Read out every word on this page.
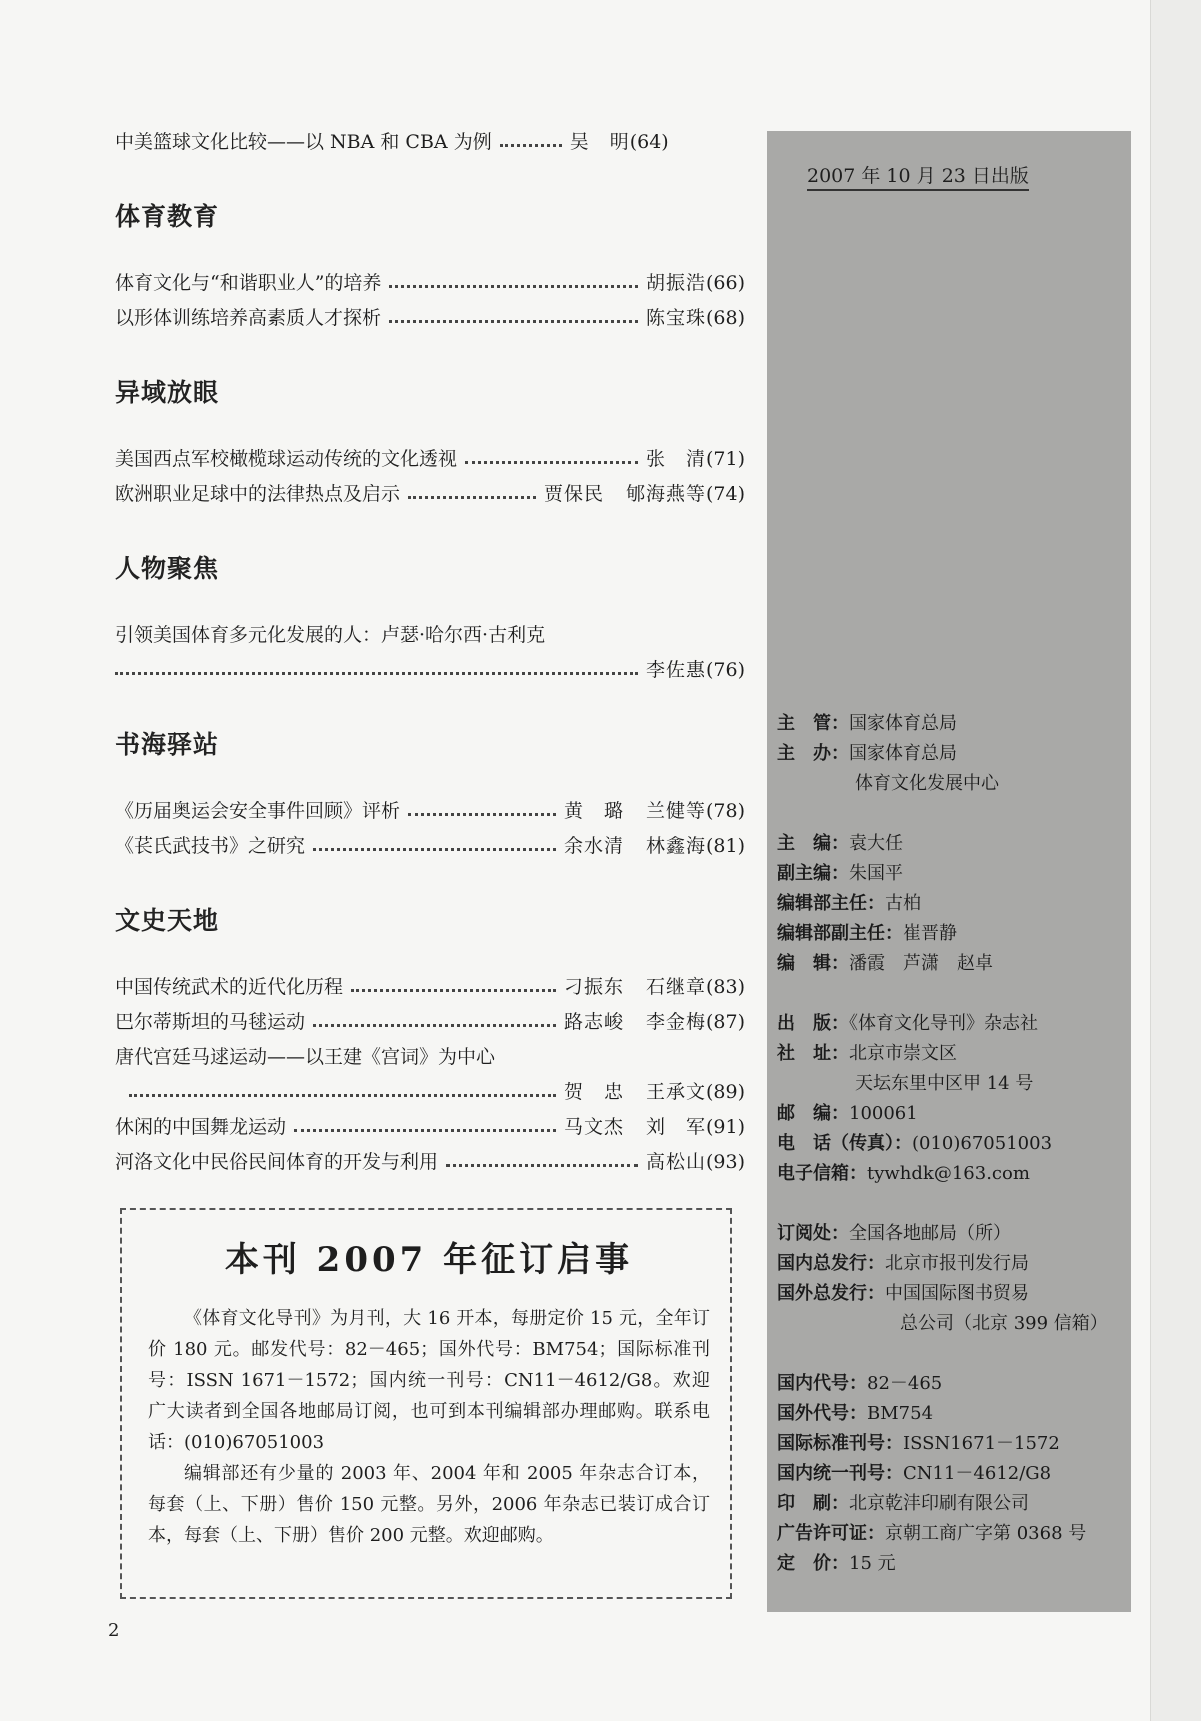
中美篮球文化比较——以 NBA 和 CBA 为例	吴　明 (64)
体育教育
体育文化与“和谐职业人”的培养	胡振浩 (66)
以形体训练培养高素质人才探析	陈宝珠 (68)
异域放眼
美国西点军校橄榄球运动传统的文化透视	张　清 (71)
欧洲职业足球中的法律热点及启示	贾保民 郇海燕等 (74)
人物聚焦
引领美国体育多元化发展的人：卢瑟·哈尔西·古利克
李佐惠 (76)
书海驿站
《历届奥运会安全事件回顾》评析	黄　璐 兰健等 (78)
《苌氏武技书》之研究	余水清 林鑫海 (81)
文史天地
中国传统武术的近代化历程	刁振东 石继章 (83)
巴尔蒂斯坦的马毬运动	路志峻 李金梅 (87)
唐代宫廷马逑运动——以王建《宫词》为中心
贺　忠 王承文 (89)
休闲的中国舞龙运动	马文杰 刘　军 (91)
河洛文化中民俗民间体育的开发与利用	高松山 (93)
本刊 2007 年征订启事

《体育文化导刊》为月刊，大 16 开本，每册定价 15 元，全年订价 180 元。邮发代号：82－465；国外代号：BM754；国际标准刊号：ISSN 1671－1572；国内统一刊号：CN11－4612/G8。欢迎广大读者到全国各地邮局订阅，也可到本刊编辑部办理邮购。联系电话：(010)67051003

编辑部还有少量的 2003 年、2004 年和 2005 年杂志合订本，每套（上、下册）售价 150 元整。另外，2006 年杂志已装订成合订本，每套（上、下册）售价 200 元整。欢迎邮购。

2007 年 10 月 23 日出版
主　管：国家体育总局
主　办：国家体育总局
体育文化发展中心
主　编：袁大任
副主编：朱国平
编辑部主任：古柏
编辑部副主任：崔晋静
编　辑：潘霞　芦潇　赵卓
出　版：《体育文化导刊》杂志社
社　址：北京市崇文区
天坛东里中区甲 14 号
邮　编：100061
电　话（传真）：(010)67051003
电子信箱：tywhdk@163.com
订阅处：全国各地邮局（所）
国内总发行：北京市报刊发行局
国外总发行：中国国际图书贸易
总公司（北京 399 信箱）
国内代号：82－465
国外代号：BM754
国际标准刊号：ISSN1671－1572
国内统一刊号：CN11－4612/G8
印　刷：北京乾沣印刷有限公司
广告许可证：京朝工商广字第 0368 号
定　价：15 元
2
